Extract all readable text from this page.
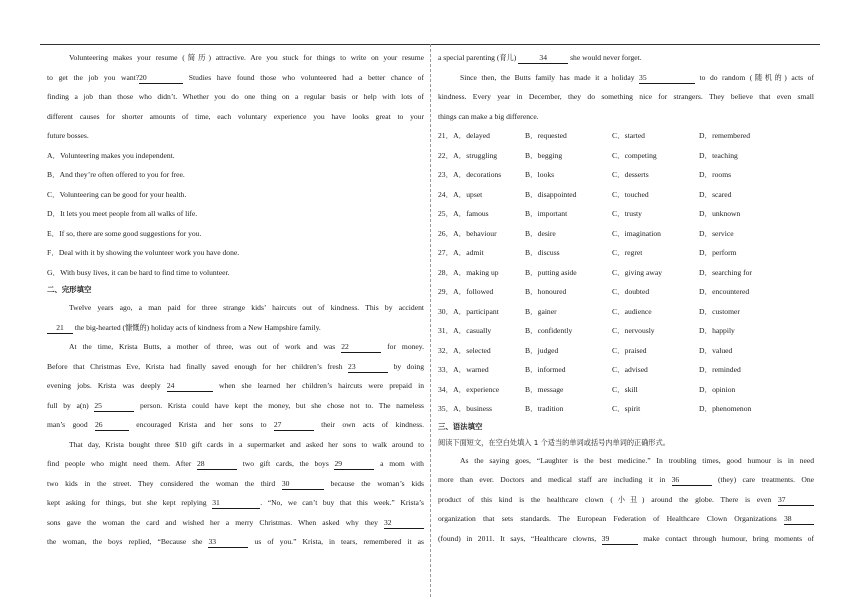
Volunteering makes your resume (简历) attractive. Are you stuck for things to write on your resume
to get the job you want?20	Studies have found those who volunteered had a better chance of
finding a job than those who didn’t. Whether you do one thing on a regular basis or help with lots of
different causes for shorter amounts of time, each voluntary experience you have looks great to your
future bosses.
A．Volunteering makes you independent.
B．And they’re often offered to you for free.
C．Volunteering can be good for your health.
D．It lets you meet people from all walks of life.
E．If so, there are some good suggestions for you.
F．Deal with it by showing the volunteer work you have done.
G．With busy lives, it can be hard to find time to volunteer.
二、完形填空
Twelve years ago, a man paid for three strange kids’ haircuts out of kindness. This by accident
21 the big-hearted (慷慨的) holiday acts of kindness from a New Hampshire family.
At the time, Krista Butts, a mother of three, was out of work and was 22	for money.
Before that Christmas Eve, Krista had finally saved enough for her children’s fresh 23	by doing
evening jobs. Krista was deeply 24	when she learned her children’s haircuts were prepaid in
full by a(n) 25	person. Krista could have kept the money, but she chose not to. The nameless
man’s good 26	encouraged Krista and her sons to 27	their own acts of kindness.
That day, Krista bought three $10 gift cards in a supermarket and asked her sons to walk around to
find people who might need them. After 28	two gift cards, the boys 29	a mom with
two kids in the street. They considered the woman the third 30	because the woman’s kids
kept asking for things, but she kept replying 31	. “No, we can’t buy that this week.” Krista’s
sons gave the woman the card and wished her a merry Christmas. When asked why they 32
the woman, the boys replied, “Because she 33	us of you.” Krista, in tears, remembered it as
a special parenting (育儿)	34	she would never forget.
Since then, the Butts family has made it a holiday 35	to do random (随机的) acts of
kindness. Every year in December, they do something nice for strangers. They believe that even small
things can make a big difference.
21．A．delayed	B．requested	C．started	D．remembered
22．A．struggling	B．begging	C．competing	D．teaching
23．A．decorations	B．looks	C．desserts	D．rooms
24．A．upset	B．disappointed	C．touched	D．scared
25．A．famous	B．important	C．trusty	D．unknown
26．A．behaviour	B．desire	C．imagination	D．service
27．A．admit	B．discuss	C．regret	D．perform
28．A．making up	B．putting aside	C．giving away	D．searching for
29．A．followed	B．honoured	C．doubted	D．encountered
30．A．participant	B．gainer	C．audience	D．customer
31．A．casually	B．confidently	C．nervously	D．happily
32．A．selected	B．judged	C．praised	D．valued
33．A．warned	B．informed	C．advised	D．reminded
34．A．experience	B．message	C．skill	D．opinion
35．A．business	B．tradition	C．spirit	D．phenomenon
三、语法填空
阅读下面短文，在空白处填入 1 个适当的单词或括号内单词的正确形式。
As the saying goes, “Laughter is the best medicine.” In troubling times, good humour is in need
more than ever. Doctors and medical staff are including it in 36	(they) care treatments. One
product of this kind is the healthcare clown (小丑) around the globe. There is even 37
organization that sets standards. The European Federation of Healthcare Clown Organizations 38
(found) in 2011. It says, “Healthcare clowns, 39	make contact through humour, bring moments of
